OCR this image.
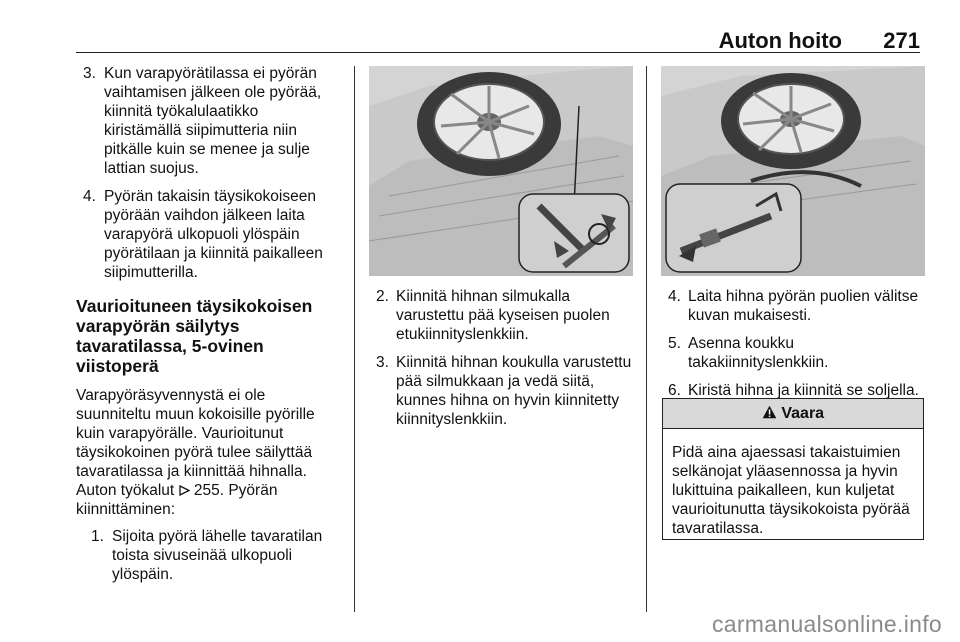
Auton hoito 271
3. Kun varapyörätilassa ei pyörän vaihtamisen jälkeen ole pyörää, kiinnitä työkalulaatikko kiristämällä siipimutteria niin pitkälle kuin se menee ja sulje lattian suojus.
4. Pyörän takaisin täysikokoiseen pyörään vaihdon jälkeen laita varapyörä ulkopuoli ylöspäin pyörätilaan ja kiinnitä paikalleen siipimutterilla.
Vaurioituneen täysikokoisen varapyörän säilytys tavaratilassa, 5-ovinen viistoperä

Varapyöräsyvennystä ei ole suunniteltu muun kokoisille pyörille kuin varapyörälle. Vaurioitunut täysikokoinen pyörä tulee säilyttää tavaratilassa ja kiinnittää hihnalla. Auton työkalut 255. Pyörän kiinnittäminen:

1. Sijoita pyörä lähelle tavaratilan toista sivuseinää ulkopuoli ylöspäin.
2. Kiinnitä hihnan silmukalla varustettu pää kyseisen puolen etukiinnityslenkkiin.
3. Kiinnitä hihnan koukulla varustettu pää silmukkaan ja vedä siitä, kunnes hihna on hyvin kiinnitetty kiinnityslenkkiin.
4. Laita hihna pyörän puolien välitse kuvan mukaisesti.
5. Asenna koukku takakiinnityslenkkiin.
6. Kiristä hihna ja kiinnitä se soljella.
Vaara
Pidä aina ajaessasi takaistuimien selkänojat yläasennossa ja hyvin lukittuina paikalleen, kun kuljetat vaurioitunutta täysikokoista pyörää tavaratilassa.
carmanualsonline.info
